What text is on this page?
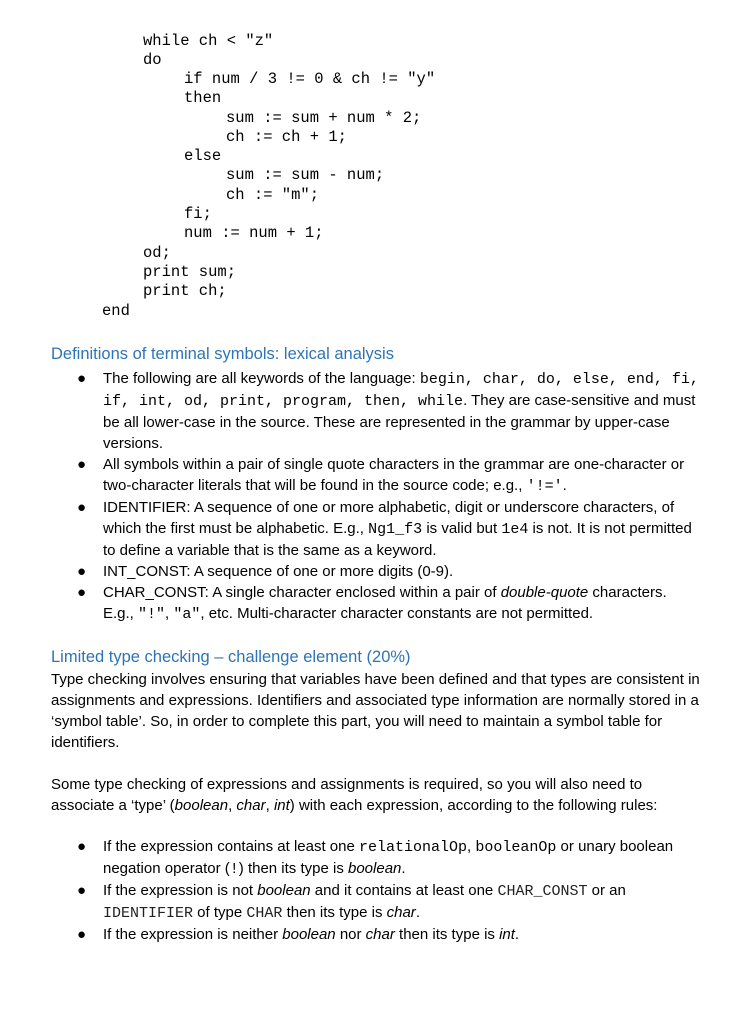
while ch < "z"
do
if num / 3 != 0 & ch != "y"
then
sum := sum + num * 2;
ch := ch + 1;
else
sum := sum - num;
ch := "m";
fi;
num := num + 1;
od;
print sum;
print ch;
end
Definitions of terminal symbols: lexical analysis
● The following are all keywords of the language: begin, char, do, else, end, fi, if, int, od, print, program, then, while. They are case-sensitive and must be all lower-case in the source. These are represented in the grammar by upper-case versions.
● All symbols within a pair of single quote characters in the grammar are one-character or two-character literals that will be found in the source code; e.g., '!='.
● IDENTIFIER: A sequence of one or more alphabetic, digit or underscore characters, of which the first must be alphabetic. E.g., Ng1_f3 is valid but 1e4 is not. It is not permitted to define a variable that is the same as a keyword.
● INT_CONST: A sequence of one or more digits (0-9).
● CHAR_CONST: A single character enclosed within a pair of double-quote characters. E.g., "!", "a", etc. Multi-character character constants are not permitted.
Limited type checking – challenge element (20%)

Type checking involves ensuring that variables have been defined and that types are consistent in assignments and expressions. Identifiers and associated type information are normally stored in a ‘symbol table’. So, in order to complete this part, you will need to maintain a symbol table for identifiers.

Some type checking of expressions and assignments is required, so you will also need to associate a ‘type’ (boolean, char, int) with each expression, according to the following rules:

● If the expression contains at least one relationalOp, booleanOp or unary boolean negation operator (!) then its type is boolean.
● If the expression is not boolean and it contains at least one CHAR_CONST or an IDENTIFIER of type CHAR then its type is char.
● If the expression is neither boolean nor char then its type is int.
